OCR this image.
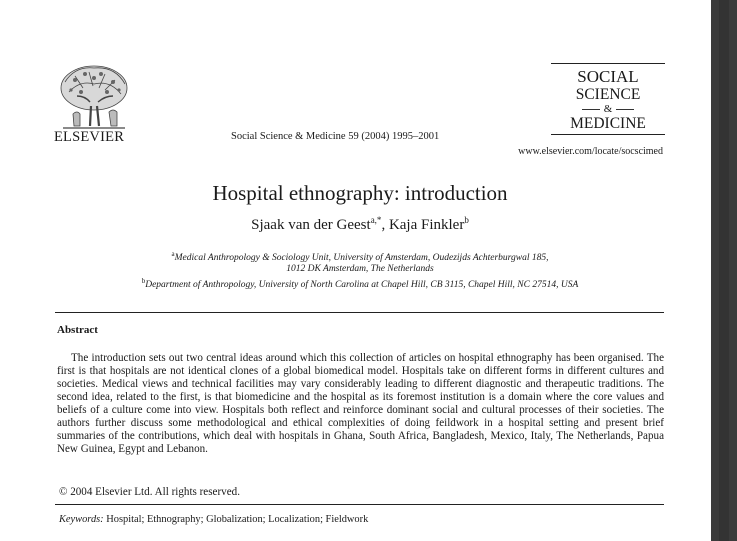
ELSEVIER	Social Science & Medicine 59 (2004) 1995–2001
SOCIAL
SCIENCE
&
MEDICINE
www.elsevier.com/locate/socscimed
Hospital ethnography: introduction
Sjaak van der Geest$^{a,*}$, Kaja Finkler$^b$
$^a$Medical Anthropology & Sociology Unit, University of Amsterdam, Oudezijds Achterburgwal 185,
1012 DK Amsterdam, The Netherlands
$^b$Department of Anthropology, University of North Carolina at Chapel Hill, CB 3115, Chapel Hill, NC 27514, USA
Abstract

The introduction sets out two central ideas around which this collection of articles on hospital ethnography has been organised. The first is that hospitals are not identical clones of a global biomedical model. Hospitals take on different forms in different cultures and societies. Medical views and technical facilities may vary considerably leading to different diagnostic and therapeutic traditions. The second idea, related to the first, is that biomedicine and the hospital as its foremost institution is a domain where the core values and beliefs of a culture come into view. Hospitals both reflect and reinforce dominant social and cultural processes of their societies. The authors further discuss some methodological and ethical complexities of doing feildwork in a hospital setting and present brief summaries of the contributions, which deal with hospitals in Ghana, South Africa, Bangladesh, Mexico, Italy, The Netherlands, Papua New Guinea, Egypt and Lebanon.

© 2004 Elsevier Ltd. All rights reserved.
Keywords: Hospital; Ethnography; Globalization; Localization; Fieldwork
